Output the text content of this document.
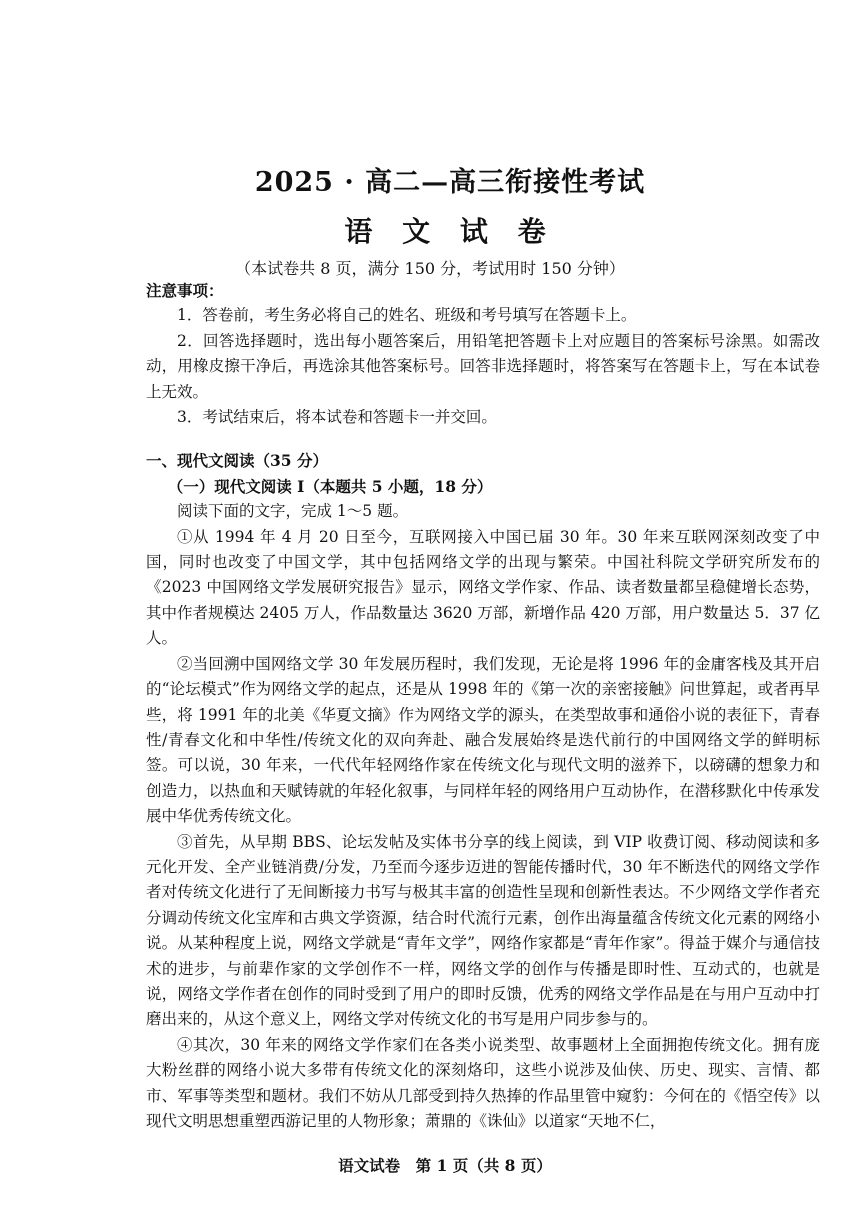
2025 · 高二—高三衔接性考试
语 文 试 卷
（本试卷共 8 页，满分 150 分，考试用时 150 分钟）
注意事项：
1．答卷前，考生务必将自己的姓名、班级和考号填写在答题卡上。
2．回答选择题时，选出每小题答案后，用铅笔把答题卡上对应题目的答案标号涂黑。如需改动，用橡皮擦干净后，再选涂其他答案标号。回答非选择题时，将答案写在答题卡上，写在本试卷上无效。
3．考试结束后，将本试卷和答题卡一并交回。
一、现代文阅读（35 分）
（一）现代文阅读 I（本题共 5 小题，18 分）
阅读下面的文字，完成 1～5 题。
①从 1994 年 4 月 20 日至今，互联网接入中国已届 30 年。30 年来互联网深刻改变了中国，同时也改变了中国文学，其中包括网络文学的出现与繁荣。中国社科院文学研究所发布的《2023 中国网络文学发展研究报告》显示，网络文学作家、作品、读者数量都呈稳健增长态势，其中作者规模达 2405 万人，作品数量达 3620 万部，新增作品 420 万部，用户数量达 5．37 亿人。
②当回溯中国网络文学 30 年发展历程时，我们发现，无论是将 1996 年的金庸客栈及其开启的“论坛模式”作为网络文学的起点，还是从 1998 年的《第一次的亲密接触》问世算起，或者再早些，将 1991 年的北美《华夏文摘》作为网络文学的源头，在类型故事和通俗小说的表征下，青春性/青春文化和中华性/传统文化的双向奔赴、融合发展始终是迭代前行的中国网络文学的鲜明标签。可以说，30 年来，一代代年轻网络作家在传统文化与现代文明的滋养下，以磅礴的想象力和创造力，以热血和天赋铸就的年轻化叙事，与同样年轻的网络用户互动协作，在潜移默化中传承发展中华优秀传统文化。
③首先，从早期 BBS、论坛发帖及实体书分享的线上阅读，到 VIP 收费订阅、移动阅读和多元化开发、全产业链消费/分发，乃至而今逐步迈进的智能传播时代，30 年不断迭代的网络文学作者对传统文化进行了无间断接力书写与极其丰富的创造性呈现和创新性表达。不少网络文学作者充分调动传统文化宝库和古典文学资源，结合时代流行元素，创作出海量蕴含传统文化元素的网络小说。从某种程度上说，网络文学就是“青年文学”，网络作家都是“青年作家”。得益于媒介与通信技术的进步，与前辈作家的文学创作不一样，网络文学的创作与传播是即时性、互动式的，也就是说，网络文学作者在创作的同时受到了用户的即时反馈，优秀的网络文学作品是在与用户互动中打磨出来的，从这个意义上，网络文学对传统文化的书写是用户同步参与的。
④其次，30 年来的网络文学作家们在各类小说类型、故事题材上全面拥抱传统文化。拥有庞大粉丝群的网络小说大多带有传统文化的深刻烙印，这些小说涉及仙侠、历史、现实、言情、都市、军事等类型和题材。我们不妨从几部受到持久热捧的作品里管中窥豹：今何在的《悟空传》以现代文明思想重塑西游记里的人物形象；萧鼎的《诛仙》以道家“天地不仁，
语文试卷　第 1 页（共 8 页）
